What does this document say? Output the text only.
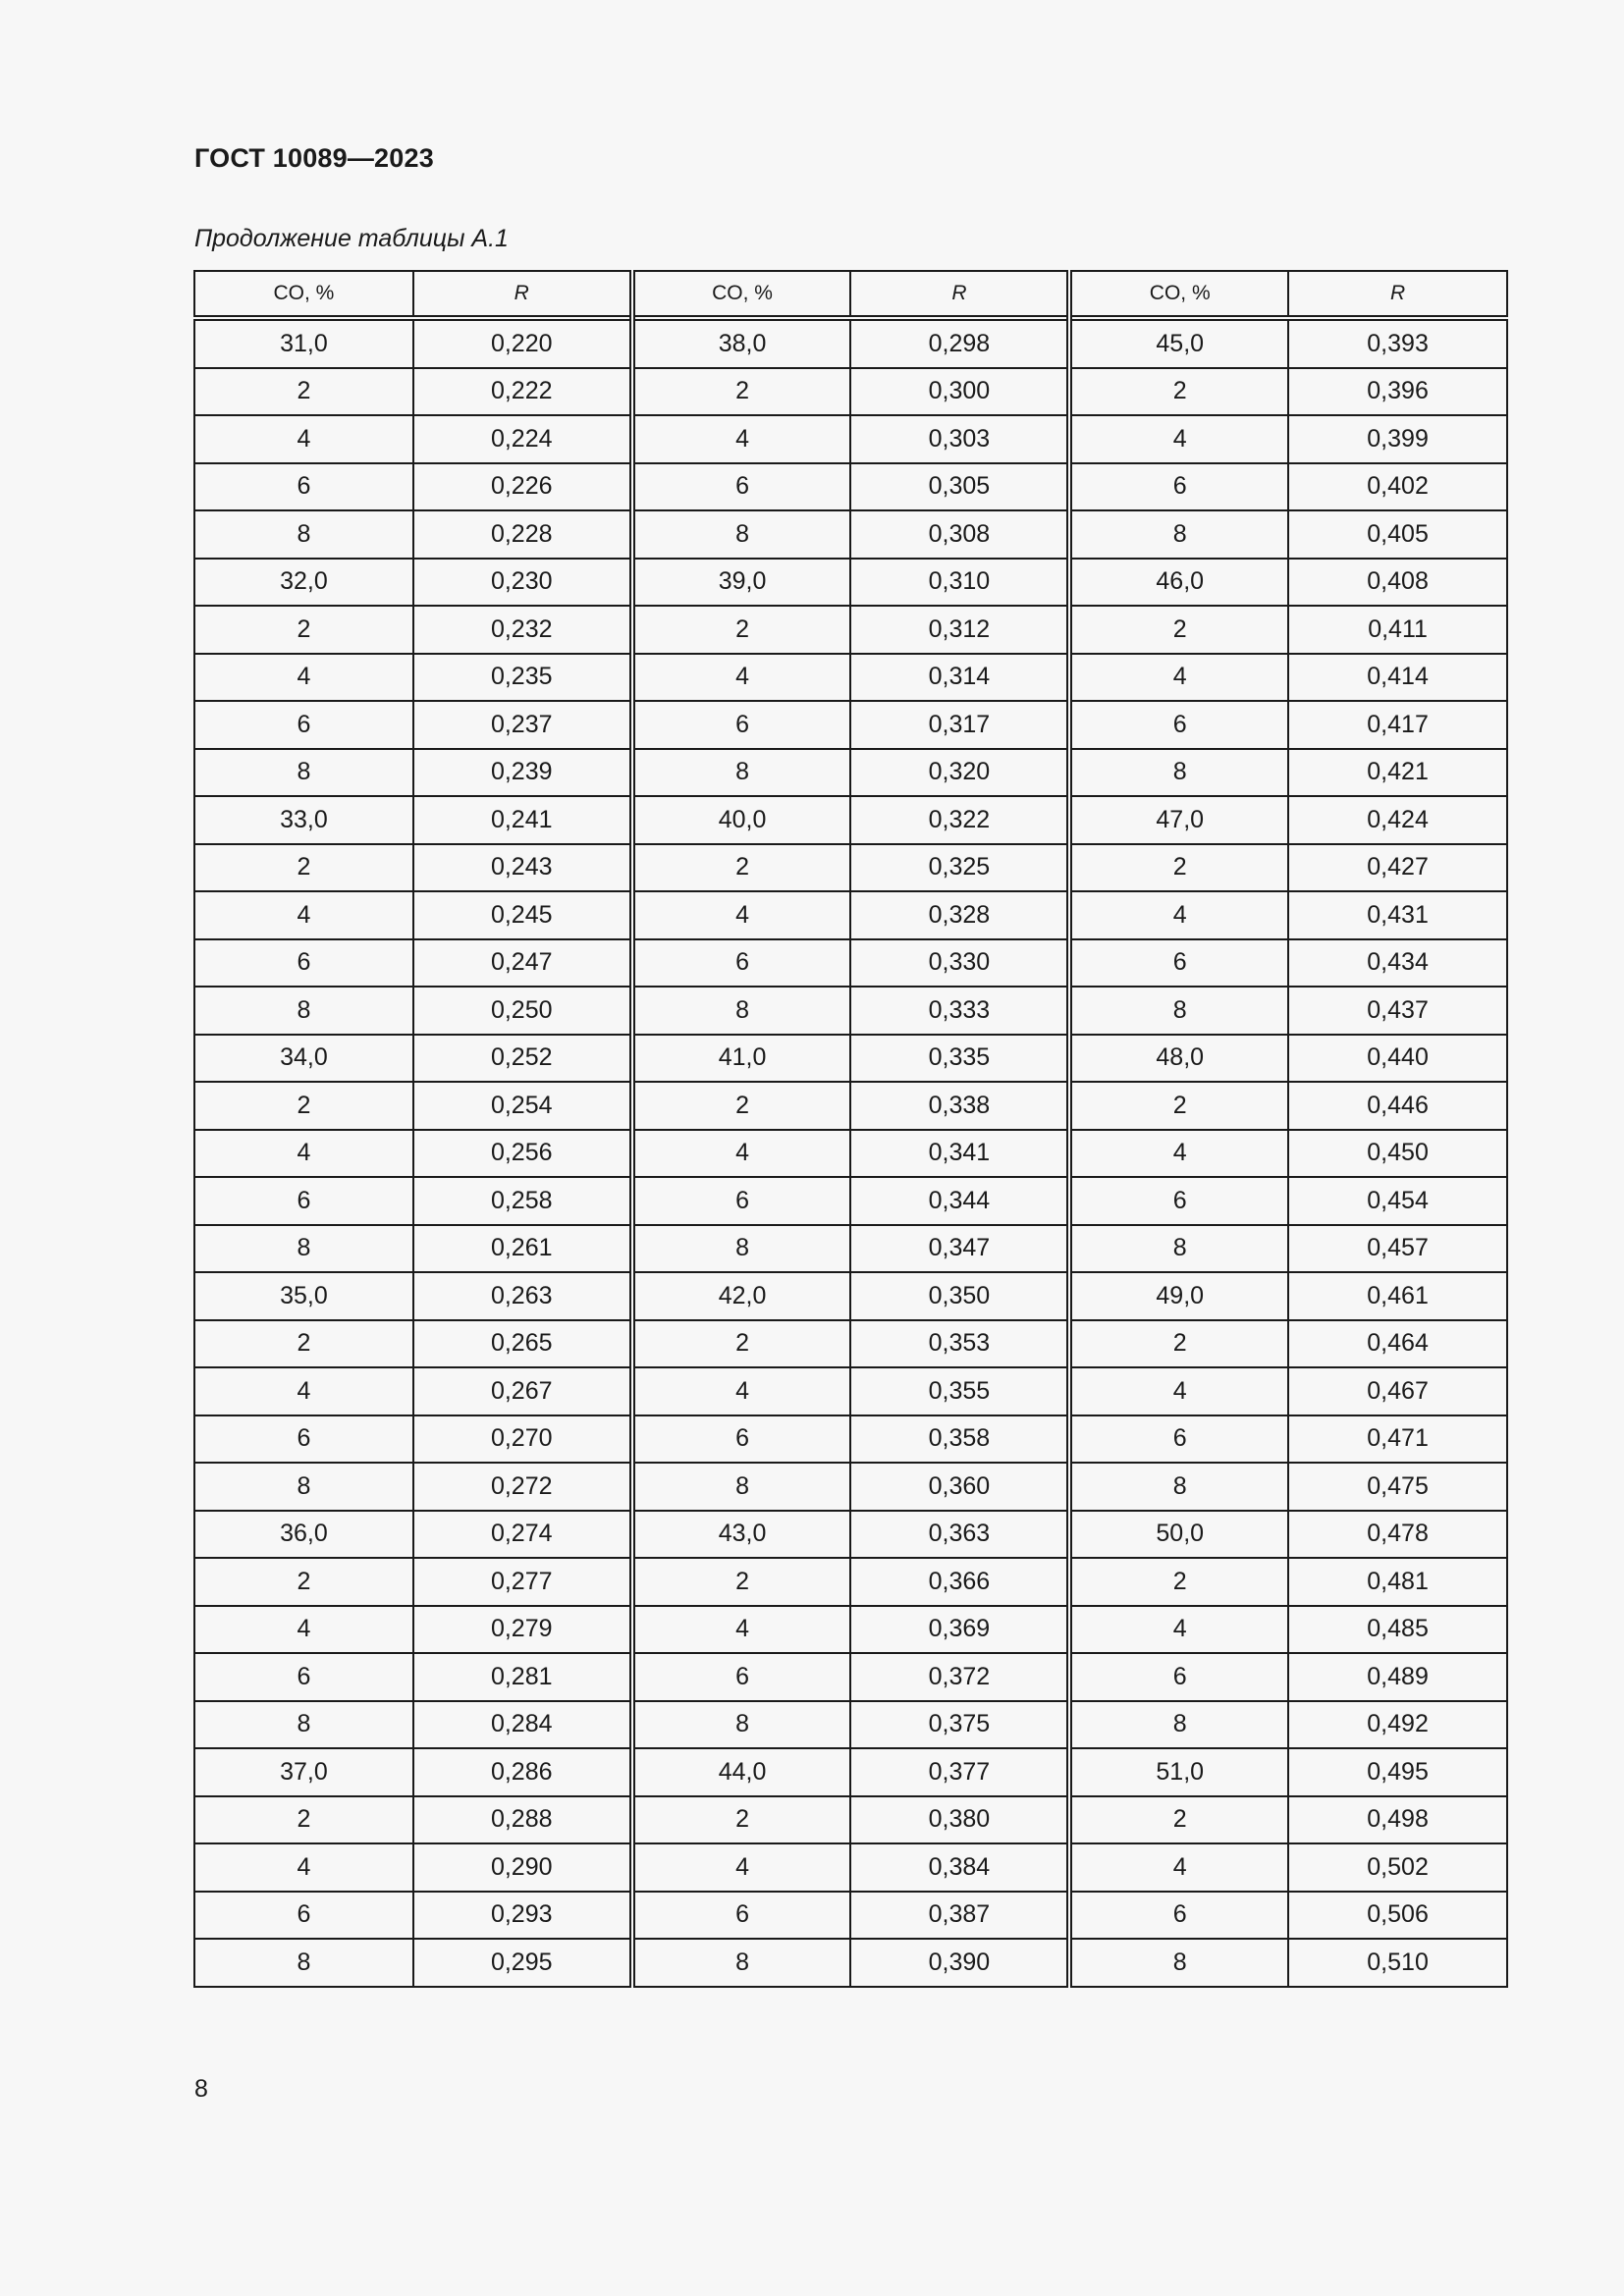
ГОСТ 10089—2023
Продолжение таблицы А.1
CO, %	R	CO, %	R	CO, %	R
31,0	0,220	38,0	0,298	45,0	0,393
2	0,222	2	0,300	2	0,396
4	0,224	4	0,303	4	0,399
6	0,226	6	0,305	6	0,402
8	0,228	8	0,308	8	0,405
32,0	0,230	39,0	0,310	46,0	0,408
2	0,232	2	0,312	2	0,411
4	0,235	4	0,314	4	0,414
6	0,237	6	0,317	6	0,417
8	0,239	8	0,320	8	0,421
33,0	0,241	40,0	0,322	47,0	0,424
2	0,243	2	0,325	2	0,427
4	0,245	4	0,328	4	0,431
6	0,247	6	0,330	6	0,434
8	0,250	8	0,333	8	0,437
34,0	0,252	41,0	0,335	48,0	0,440
2	0,254	2	0,338	2	0,446
4	0,256	4	0,341	4	0,450
6	0,258	6	0,344	6	0,454
8	0,261	8	0,347	8	0,457
35,0	0,263	42,0	0,350	49,0	0,461
2	0,265	2	0,353	2	0,464
4	0,267	4	0,355	4	0,467
6	0,270	6	0,358	6	0,471
8	0,272	8	0,360	8	0,475
36,0	0,274	43,0	0,363	50,0	0,478
2	0,277	2	0,366	2	0,481
4	0,279	4	0,369	4	0,485
6	0,281	6	0,372	6	0,489
8	0,284	8	0,375	8	0,492
37,0	0,286	44,0	0,377	51,0	0,495
2	0,288	2	0,380	2	0,498
4	0,290	4	0,384	4	0,502
6	0,293	6	0,387	6	0,506
8	0,295	8	0,390	8	0,510
8
